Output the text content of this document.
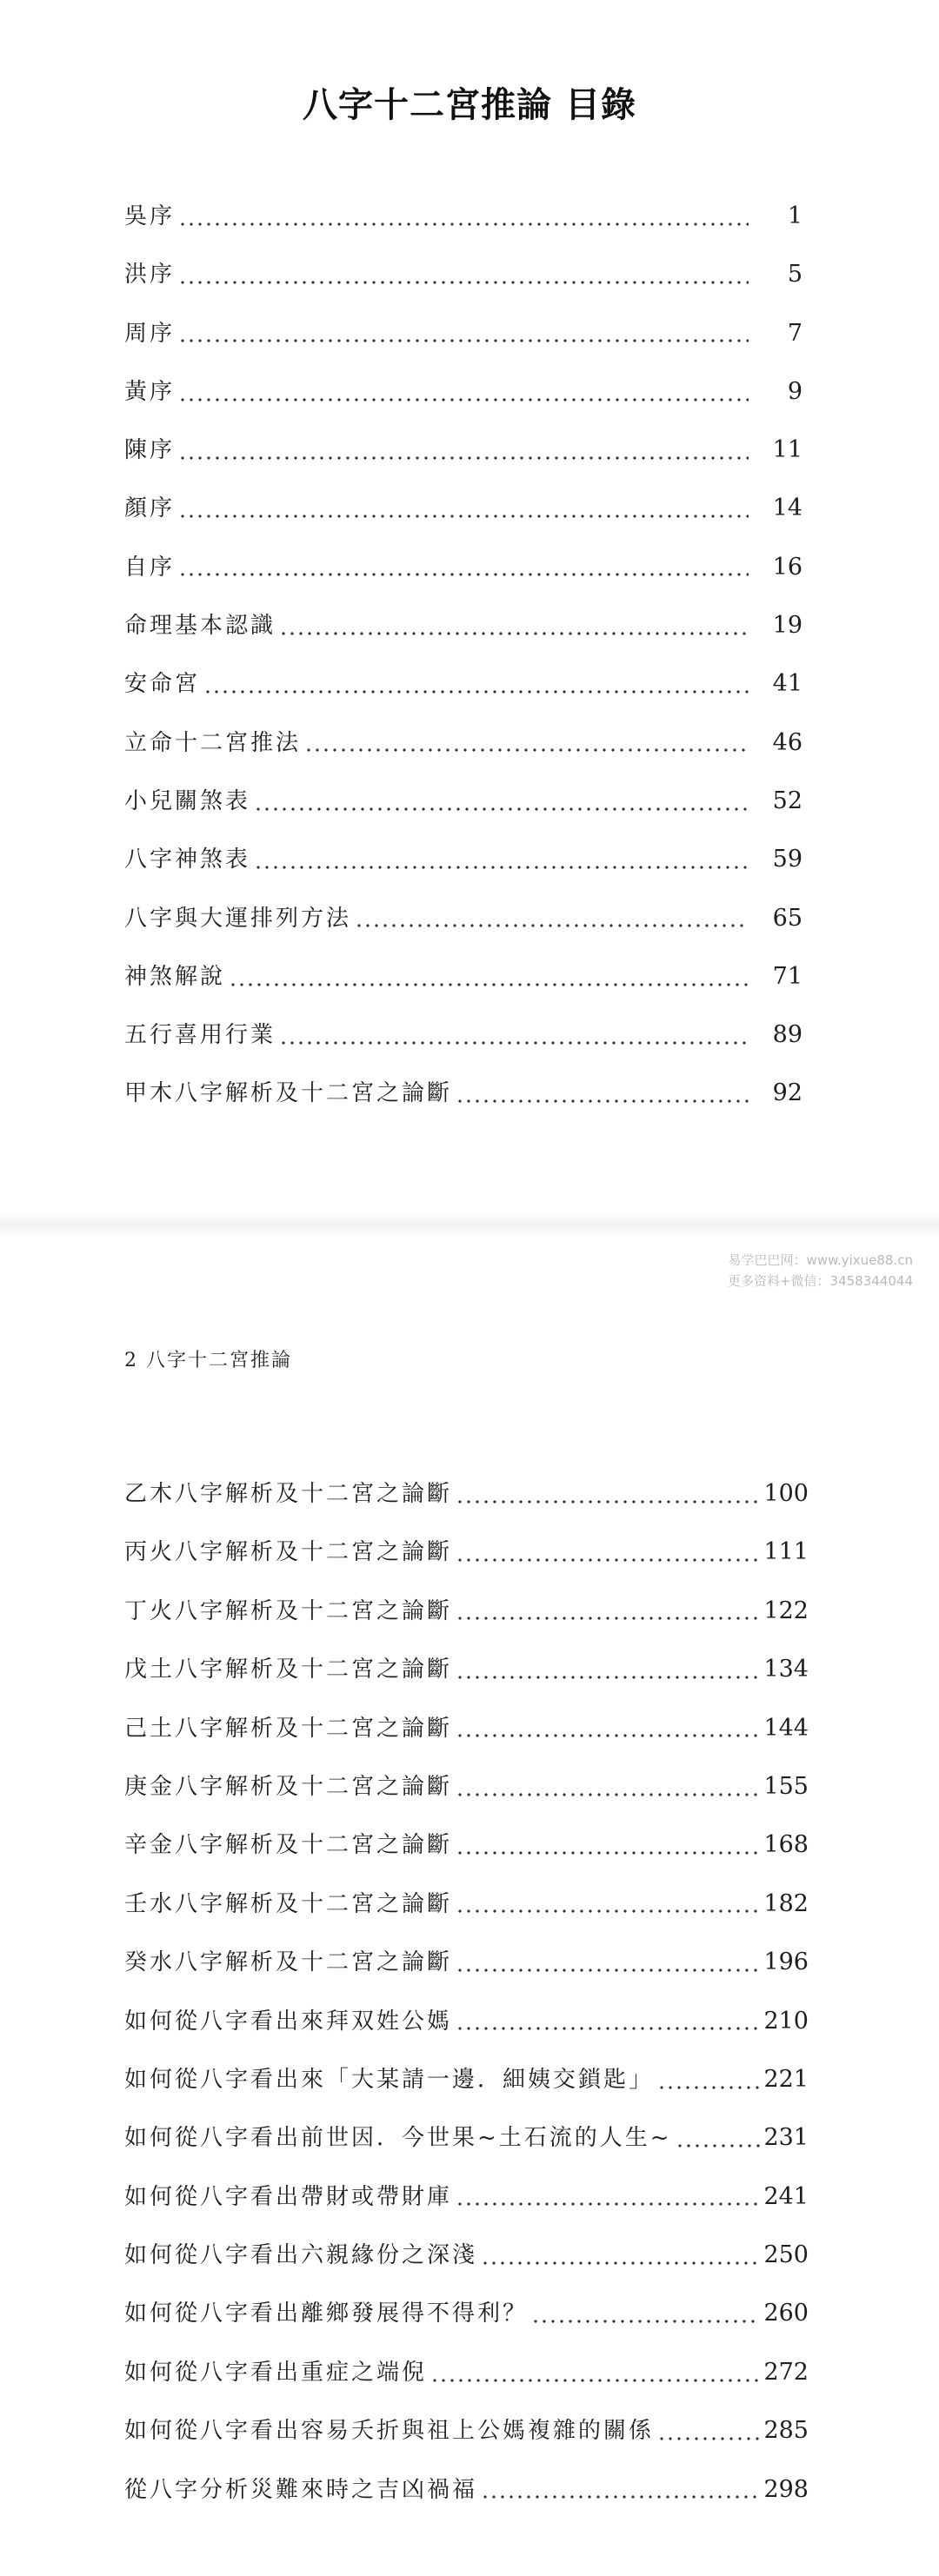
八字十二宮推論 目錄
吳序	1
洪序	5
周序	7
黃序	9
陳序	11
顏序	14
自序	16
命理基本認識	19
安命宮	41
立命十二宮推法	46
小兒關煞表	52
八字神煞表	59
八字與大運排列方法	65
神煞解說	71
五行喜用行業	89
甲木八字解析及十二宮之論斷	92
易学巴巴网：www.yixue88.cn
更多资料+微信：3458344044
2 八字十二宮推論
乙木八字解析及十二宮之論斷	100
丙火八字解析及十二宮之論斷	111
丁火八字解析及十二宮之論斷	122
戊土八字解析及十二宮之論斷	134
己土八字解析及十二宮之論斷	144
庚金八字解析及十二宮之論斷	155
辛金八字解析及十二宮之論斷	168
壬水八字解析及十二宮之論斷	182
癸水八字解析及十二宮之論斷	196
如何從八字看出來拜双姓公媽	210
如何從八字看出來「大某請一邊．細姨交鎖匙」	221
如何從八字看出前世因．今世果~土石流的人生~	231
如何從八字看出帶財或帶財庫	241
如何從八字看出六親緣份之深淺	250
如何從八字看出離鄉發展得不得利？	260
如何從八字看出重症之端倪	272
如何從八字看出容易夭折與祖上公媽複雜的關係	285
從八字分析災難來時之吉凶禍福	298
